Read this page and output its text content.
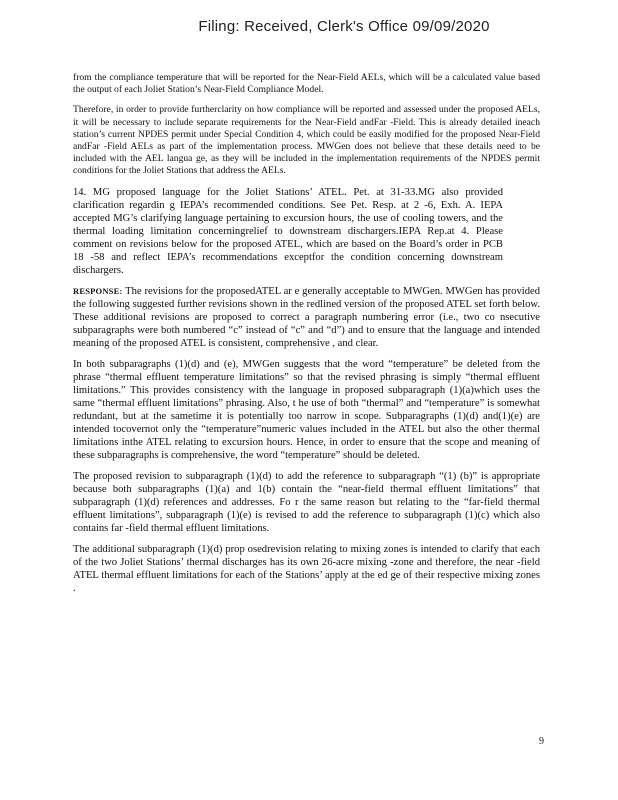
Filing: Received, Clerk's Office 09/09/2020

from the compliance temperature that will be reported for the Near-Field AELs, which will be a calculated value based the output of each Joliet Station’s Near-Field Compliance Model.

Therefore, in order to provide furtherclarity on how compliance will be reported and assessed under the proposed AELs, it will be necessary to include separate requirements for the Near-Field andFar -Field. This is already detailed ineach station’s current NPDES permit under Special Condition 4, which could be easily modified for the proposed Near-Field andFar -Field AELs as part of the implementation process. MWGen does not believe that these details need to be included with the AEL langua ge, as they will be included in the implementation requirements of the NPDES permit conditions for the Joliet Stations that address the AELs.

14. MG proposed language for the Joliet Stations’ ATEL. Pet. at 31-33.MG also provided clarification regardin g IEPA’s recommended conditions. See Pet. Resp. at 2 -6, Exh. A. IEPA accepted MG’s clarifying language pertaining to excursion hours, the use of cooling towers, and the thermal loading limitation concerningrelief to downstream dischargers.IEPA Rep.at 4. Please comment on revisions below for the proposed ATEL, which are based on the Board’s order in PCB 18 -58 and reflect IEPA’s recommendations exceptfor the condition concerning downstream dischargers.

RESPONSE: The revisions for the proposedATEL ar e generally acceptable to MWGen. MWGen has provided the following suggested further revisions shown in the redlined version of the proposed ATEL set forth below. These additional revisions are proposed to correct a paragraph numbering error (i.e., two co nsecutive subparagraphs were both numbered “c” instead of “c” and “d”) and to ensure that the language and intended meaning of the proposed ATEL is consistent, comprehensive , and clear.

In both subparagraphs (1)(d) and (e), MWGen suggests that the word “temperature” be deleted from the phrase “thermal effluent temperature limitations” so that the revised phrasing is simply “thermal effluent limitations.” This provides consistency with the language in proposed subparagraph (1)(a)which uses the same “thermal effluent limitations” phrasing. Also, t he use of both “thermal” and “temperature” is somewhat redundant, but at the sametime it is potentially too narrow in scope. Subparagraphs (1)(d) and(1)(e) are intended tocovernot only the “temperature”numeric values included in the ATEL but also the other thermal limitations inthe ATEL relating to excursion hours. Hence, in order to ensure that the scope and meaning of these subparagraphs is comprehensive, the word “temperature” should be deleted.

The proposed revision to subparagraph (1)(d) to add the reference to subparagraph “(1) (b)” is appropriate because both subparagraphs (1)(a) and 1(b) contain the “near-field thermal effluent limitations” that subparagraph (1)(d) references and addresses. Fo r the same reason but relating to the “far-field thermal effluent limitations”, subparagraph (1)(e) is revised to add the reference to subparagraph (1)(c) which also contains far -field thermal effluent limitations.

The additional subparagraph (1)(d) prop osedrevision relating to mixing zones is intended to clarify that each of the two Joliet Stations’ thermal discharges has its own 26-acre mixing -zone and therefore, the near -field ATEL thermal effluent limitations for each of the Stations’ apply at the ed ge of their respective mixing zones .

9
